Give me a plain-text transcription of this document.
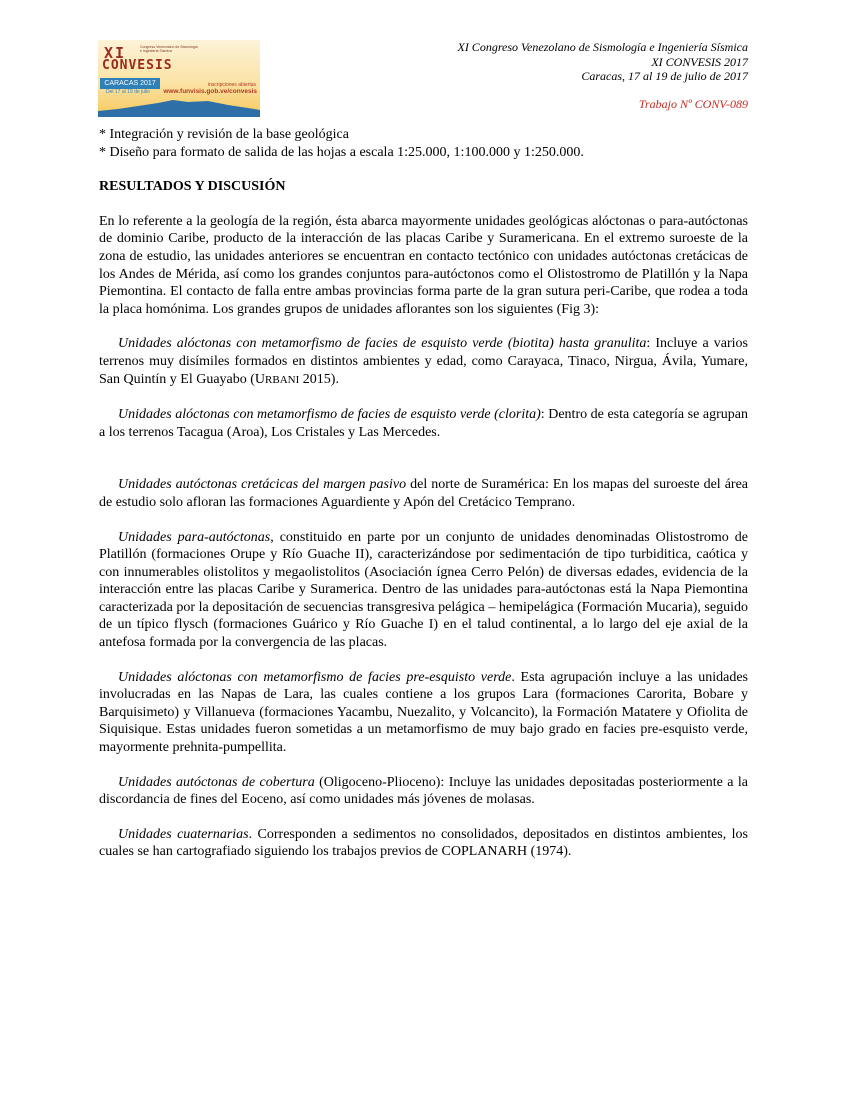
XI	Congreso Venezolano de Sismología e Ingeniería Sísmica
CONVESIS
CARACAS 2017
Del 17 al 19 de julio
inscripciones abiertas
www.funvisis.gob.ve/convesis
XI Congreso Venezolano de Sismología e Ingeniería Sísmica
XI CONVESIS 2017
Caracas, 17 al 19 de julio de 2017
Trabajo Nº CONV-089

* Integración y revisión de la base geológica

* Diseño para formato de salida de las hojas a escala 1:25.000, 1:100.000 y 1:250.000.

RESULTADOS Y DISCUSIÓN

En lo referente a la geología de la región, ésta abarca mayormente unidades geológicas alóctonas o para-autóctonas de dominio Caribe, producto de la interacción de las placas Caribe y Suramericana. En el extremo suroeste de la zona de estudio, las unidades anteriores se encuentran en contacto tectónico con unidades autóctonas cretácicas de los Andes de Mérida, así como los grandes conjuntos para-autóctonos como el Olistostromo de Platillón y la Napa Piemontina. El contacto de falla entre ambas provincias forma parte de la gran sutura peri-Caribe, que rodea a toda la placa homónima. Los grandes grupos de unidades aflorantes son los siguientes (Fig 3):

Unidades alóctonas con metamorfismo de facies de esquisto verde (biotita) hasta granulita: Incluye a varios terrenos muy disímiles formados en distintos ambientes y edad, como Carayaca, Tinaco, Nirgua, Ávila, Yumare, San Quintín y El Guayabo (URBANI 2015).

Unidades alóctonas con metamorfismo de facies de esquisto verde (clorita): Dentro de esta categoría se agrupan a los terrenos Tacagua (Aroa), Los Cristales y Las Mercedes.

Unidades autóctonas cretácicas del margen pasivo del norte de Suramérica: En los mapas del suroeste del área de estudio solo afloran las formaciones Aguardiente y Apón del Cretácico Temprano.

Unidades para-autóctonas, constituido en parte por un conjunto de unidades denominadas Olistostromo de Platillón (formaciones Orupe y Río Guache II), caracterizándose por sedimentación de tipo turbiditica, caótica y con innumerables olistolitos y megaolistolitos (Asociación ígnea Cerro Pelón) de diversas edades, evidencia de la interacción entre las placas Caribe y Suramerica. Dentro de las unidades para-autóctonas está la Napa Piemontina caracterizada por la depositación de secuencias transgresiva pelágica – hemipelágica (Formación Mucaria), seguido de un típico flysch (formaciones Guárico y Río Guache I) en el talud continental, a lo largo del eje axial de la antefosa formada por la convergencia de las placas.

Unidades alóctonas con metamorfismo de facies pre-esquisto verde. Esta agrupación incluye a las unidades involucradas en las Napas de Lara, las cuales contiene a los grupos Lara (formaciones Carorita, Bobare y Barquisimeto) y Villanueva (formaciones Yacambu, Nuezalito, y Volcancito), la Formación Matatere y Ofiolita de Siquisique. Estas unidades fueron sometidas a un metamorfismo de muy bajo grado en facies pre-esquisto verde, mayormente prehnita-pumpellita.

Unidades autóctonas de cobertura (Oligoceno-Plioceno): Incluye las unidades depositadas posteriormente a la discordancia de fines del Eoceno, así como unidades más jóvenes de molasas.

Unidades cuaternarias. Corresponden a sedimentos no consolidados, depositados en distintos ambientes, los cuales se han cartografiado siguiendo los trabajos previos de COPLANARH (1974).
